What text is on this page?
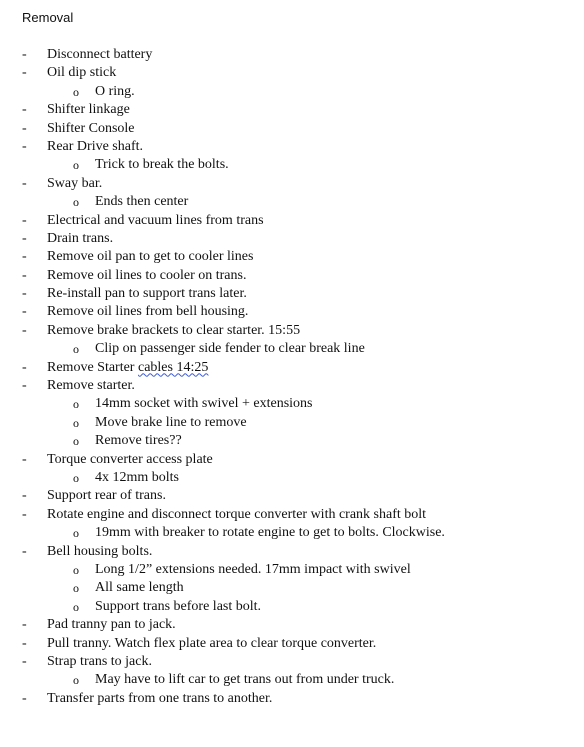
Removal
- Disconnect battery
- Oil dip stick
o O ring.
- Shifter linkage
- Shifter Console
- Rear Drive shaft.
o Trick to break the bolts.
- Sway bar.
o Ends then center
- Electrical and vacuum lines from trans
- Drain trans.
- Remove oil pan to get to cooler lines
- Remove oil lines to cooler on trans.
- Re-install pan to support trans later.
- Remove oil lines from bell housing.
- Remove brake brackets to clear starter. 15:55
o Clip on passenger side fender to clear break line
- Remove Starter cables 14:25
- Remove starter.
o 14mm socket with swivel + extensions
o Move brake line to remove
o Remove tires??
- Torque converter access plate
o 4x 12mm bolts
- Support rear of trans.
- Rotate engine and disconnect torque converter with crank shaft bolt
o 19mm with breaker to rotate engine to get to bolts. Clockwise.
- Bell housing bolts.
o Long 1/2” extensions needed. 17mm impact with swivel
o All same length
o Support trans before last bolt.
- Pad tranny pan to jack.
- Pull tranny. Watch flex plate area to clear torque converter.
- Strap trans to jack.
o May have to lift car to get trans out from under truck.
- Transfer parts from one trans to another.
